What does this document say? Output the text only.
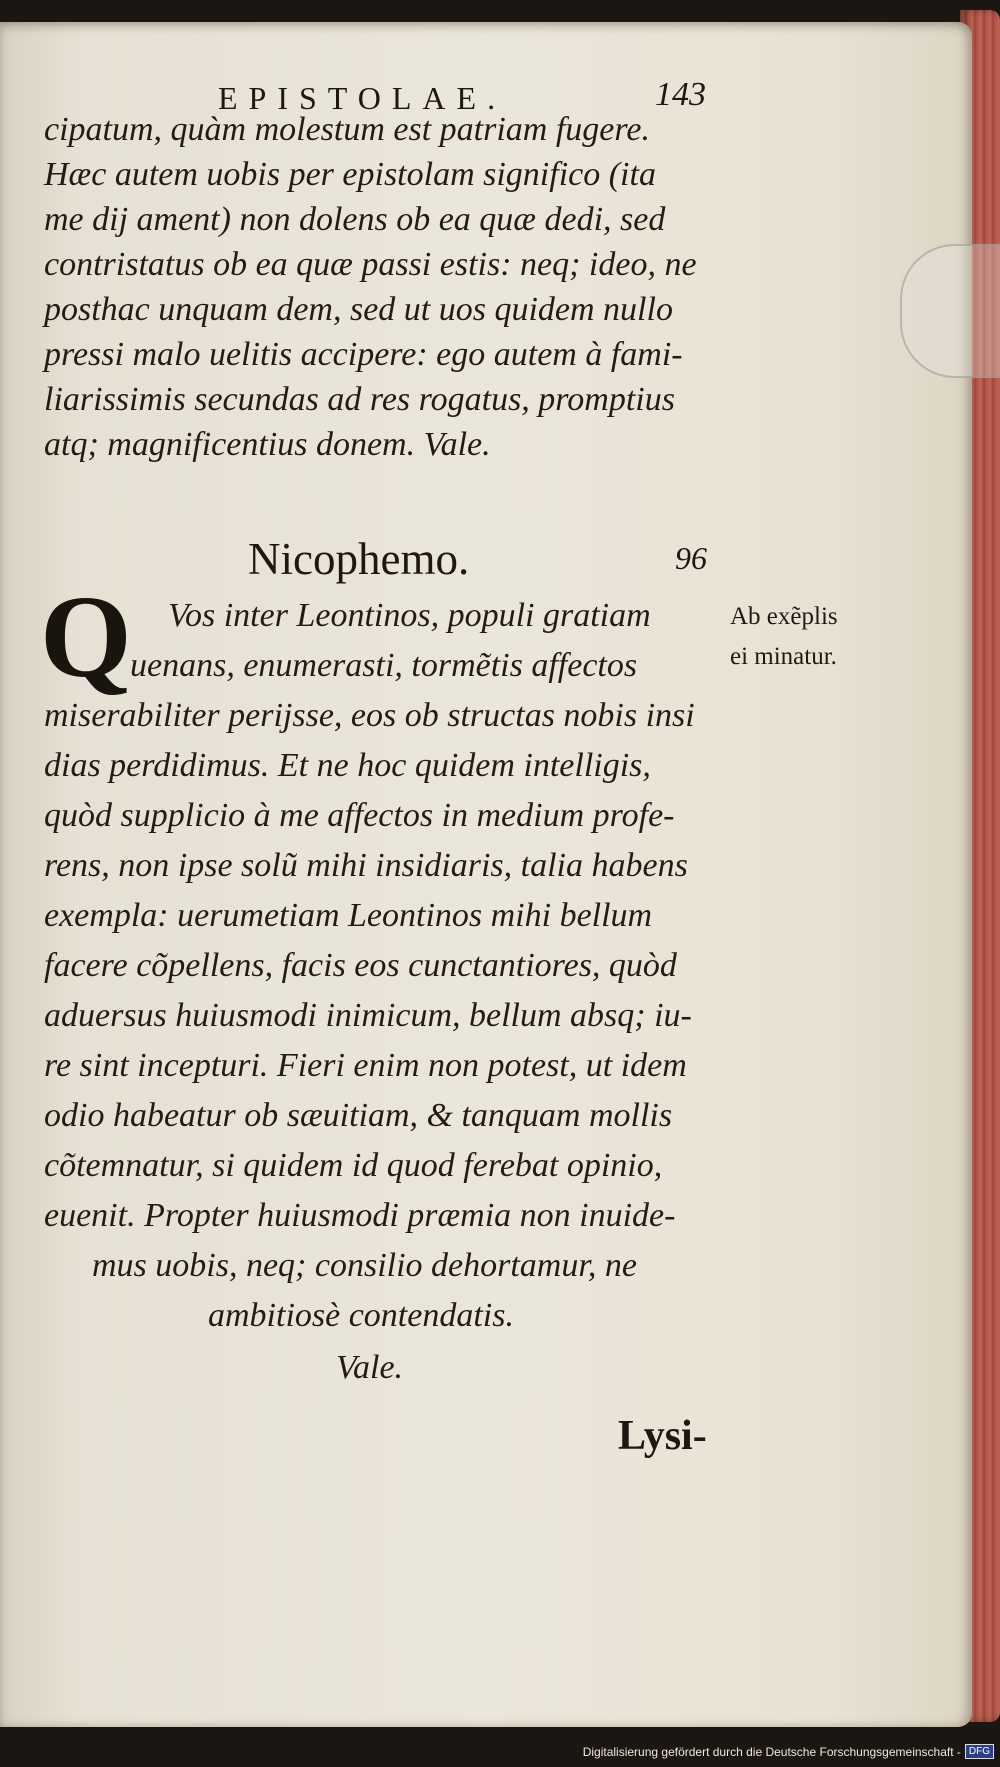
EPISTOLAE.	143
cipatum, quàm molestum est patriam fugere.
Hæc autem uobis per epistolam significo (ita
me dij ament) non dolens ob ea quæ dedi, sed
contristatus ob ea quæ passi estis: neq; ideo, ne
posthac unquam dem, sed ut uos quidem nullo
pressi malo uelitis accipere: ego autem à fami-
liarissimis secundas ad res rogatus, promptius
atq; magnificentius donem. Vale.
Nicophemo.	96
Q Vos inter Leontinos, populi gratiam
uenans, enumerasti, tormẽtis affectos
miserabiliter perijsse, eos ob structas nobis insi
dias perdidimus. Et ne hoc quidem intelligis,
quòd supplicio à me affectos in medium profe-
rens, non ipse solũ mihi insidiaris, talia habens
exempla: uerumetiam Leontinos mihi bellum
facere cõpellens, facis eos cunctantiores, quòd
aduersus huiusmodi inimicum, bellum absq; iu-
re sint incepturi. Fieri enim non potest, ut idem
odio habeatur ob sæuitiam, & tanquam mollis
cõtemnatur, si quidem id quod ferebat opinio,
euenit. Propter huiusmodi præmia non inuide-
mus uobis, neq; consilio dehortamur, ne
ambitiosè contendatis.
Vale.
Ab exẽplis
ei minatur.
Lysi-
Digitalisierung gefördert durch die Deutsche Forschungsgemeinschaft - DFG
